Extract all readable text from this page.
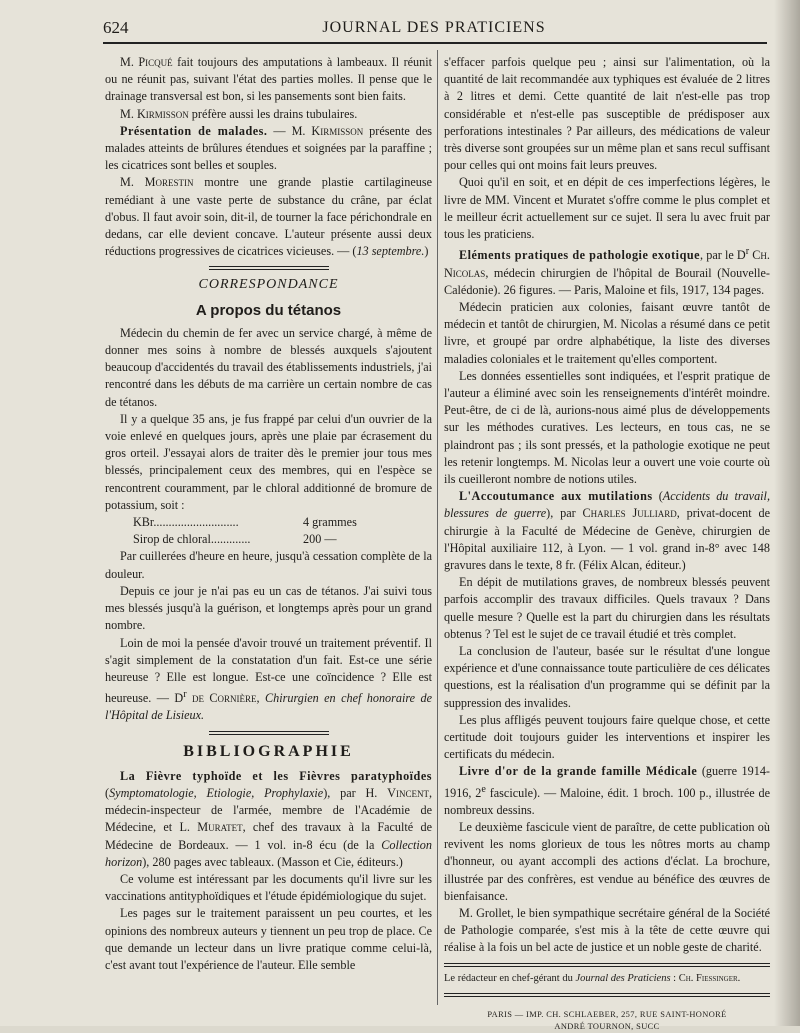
624	JOURNAL DES PRATICIENS

M. Picqué fait toujours des amputations à lambeaux. Il réunit ou ne réunit pas, suivant l'état des parties molles. Il pense que le drainage transversal est bon, si les pansements sont bien faits.

M. Kirmisson préfère aussi les drains tubulaires.

Présentation de malades. — M. Kirmisson présente des malades atteints de brûlures étendues et soignées par la paraffine ; les cicatrices sont belles et souples.

M. Morestin montre une grande plastie cartilagineuse remédiant à une vaste perte de substance du crâne, par éclat d'obus. Il faut avoir soin, dit-il, de tourner la face périchondrale en dedans, car elle devient concave. L'auteur présente aussi deux réductions progressives de cicatrices vicieuses. — (13 septembre.)

CORRESPONDANCE
A propos du tétanos

Médecin du chemin de fer avec un service chargé, à même de donner mes soins à nombre de blessés auxquels s'ajoutent beaucoup d'accidentés du travail des établissements industriels, j'ai rencontré dans les débuts de ma carrière un certain nombre de cas de tétanos.

Il y a quelque 35 ans, je fus frappé par celui d'un ouvrier de la voie enlevé en quelques jours, après une plaie par écrasement du gros orteil. J'essayai alors de traiter dès le premier jour tous mes blessés, principalement ceux des membres, qui en l'espèce se rencontrent couramment, par le chloral additionné de bromure de potassium, soit :

KBr............................	4 grammes
Sirop de chloral.............	200 —

Par cuillerées d'heure en heure, jusqu'à cessation complète de la douleur.

Depuis ce jour je n'ai pas eu un cas de tétanos. J'ai suivi tous mes blessés jusqu'à la guérison, et longtemps après pour un grand nombre.

Loin de moi la pensée d'avoir trouvé un traitement préventif. Il s'agit simplement de la constatation d'un fait. Est-ce une série heureuse ? Elle est longue. Est-ce une coïncidence ? Elle est heureuse. — $D^r$ de Cornière, Chirurgien en chef honoraire de l'Hôpital de Lisieux.

BIBLIOGRAPHIE

La Fièvre typhoïde et les Fièvres paratyphoïdes (Symptomatologie, Etiologie, Prophylaxie), par H. Vincent, médecin-inspecteur de l'armée, membre de l'Académie de Médecine, et L. Muratet, chef des travaux à la Faculté de Médecine de Bordeaux. — 1 vol. in-8 écu (de la Collection horizon), 280 pages avec tableaux. (Masson et Cie, éditeurs.)

Ce volume est intéressant par les documents qu'il livre sur les vaccinations antityphoïdiques et l'étude épidémiologique du sujet.

Les pages sur le traitement paraissent un peu courtes, et les opinions des nombreux auteurs y tiennent un peu trop de place. Ce que demande un lecteur dans un livre pratique comme celui-là, c'est avant tout l'expérience de l'auteur. Elle semble

s'effacer parfois quelque peu ; ainsi sur l'alimentation, où la quantité de lait recommandée aux typhiques est évaluée de 2 litres à 2 litres et demi. Cette quantité de lait n'est-elle pas trop considérable et n'est-elle pas susceptible de prédisposer aux perforations intestinales ? Par ailleurs, des médications de valeur très diverse sont groupées sur un même plan et sans recul suffisant pour celles qui ont moins fait leurs preuves.

Quoi qu'il en soit, et en dépit de ces imperfections légères, le livre de MM. Vincent et Muratet s'offre comme le plus complet et le meilleur écrit actuellement sur ce sujet. Il sera lu avec fruit par tous les praticiens.

Eléments pratiques de pathologie exotique, par le $D^r$ Ch. Nicolas, médecin chirurgien de l'hôpital de Bourail (Nouvelle-Calédonie). 26 figures. — Paris, Maloine et fils, 1917, 134 pages.

Médecin praticien aux colonies, faisant œuvre tantôt de médecin et tantôt de chirurgien, M. Nicolas a résumé dans ce petit livre, et groupé par ordre alphabétique, la liste des diverses maladies coloniales et le traitement qu'elles comportent.

Les données essentielles sont indiquées, et l'esprit pratique de l'auteur a éliminé avec soin les renseignements d'intérêt moindre. Peut-être, de ci de là, aurions-nous aimé plus de développements sur les méthodes curatives. Les lecteurs, en tous cas, ne se plaindront pas ; ils sont pressés, et la pathologie exotique ne peut les retenir longtemps. M. Nicolas leur a ouvert une voie courte où ils cueilleront nombre de notions utiles.

L'Accoutumance aux mutilations (Accidents du travail, blessures de guerre), par Charles Julliard, privat-docent de chirurgie à la Faculté de Médecine de Genève, chirurgien de l'Hôpital auxiliaire 112, à Lyon. — 1 vol. grand in-8° avec 148 gravures dans le texte, 8 fr. (Félix Alcan, éditeur.)

En dépit de mutilations graves, de nombreux blessés peuvent parfois accomplir des travaux difficiles. Quels travaux ? Dans quelle mesure ? Quelle est la part du chirurgien dans les résultats obtenus ? Tel est le sujet de ce travail étudié et très complet.

La conclusion de l'auteur, basée sur le résultat d'une longue expérience et d'une connaissance toute particulière de ces délicates questions, est la réalisation d'un programme qui se définit par la suppression des invalides.

Les plus affligés peuvent toujours faire quelque chose, et cette certitude doit toujours guider les interventions et inspirer les certificats du médecin.

Livre d'or de la grande famille Médicale (guerre 1914-1916, 2e fascicule). — Maloine, édit. 1 broch. 100 p., illustrée de nombreux dessins.

Le deuxième fascicule vient de paraître, de cette publication où revivent les noms glorieux de tous les nôtres morts au champ d'honneur, ou ayant accompli des actions d'éclat. La brochure, illustrée par des confrères, est vendue au bénéfice des œuvres de bienfaisance.

M. Grollet, le bien sympathique secrétaire général de la Société de Pathologie comparée, s'est mis à la tête de cette œuvre qui réalise à la fois un bel acte de justice et un noble geste de charité.

Le rédacteur en chef-gérant du Journal des Praticiens : Ch. Fiessinger.

PARIS — IMP. CH. SCHLAEBER, 257, RUE SAINT-HONORÉ
ANDRÉ TOURNON, SUCC
